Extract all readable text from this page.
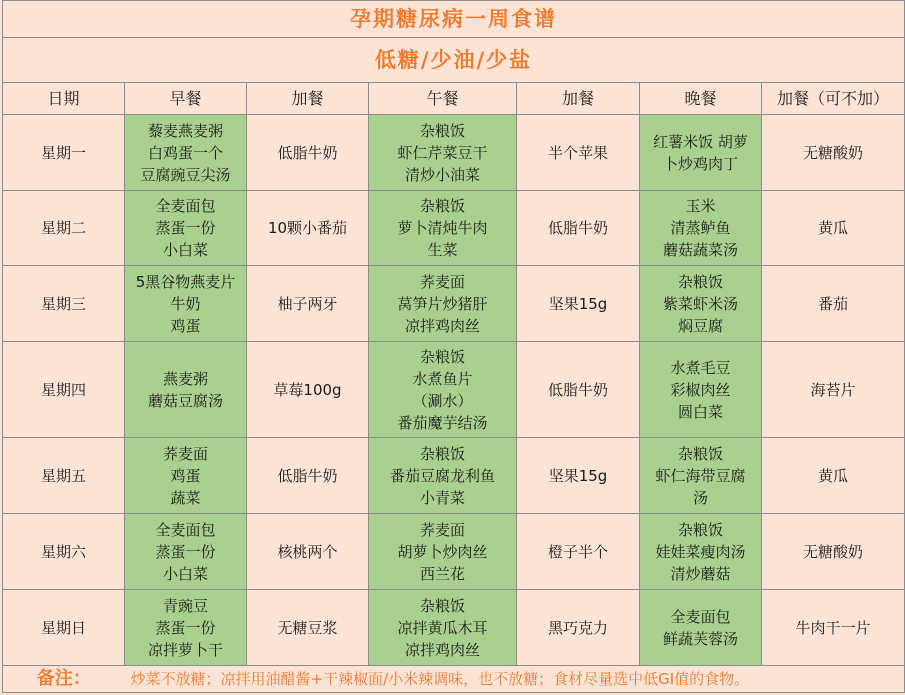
孕期糖尿病一周食谱						
低糖/少油/少盐						
日期	早餐	加餐	午餐	加餐	晚餐	加餐（可不加）
星期一	藜麦燕麦粥
白鸡蛋一个
豆腐豌豆尖汤	低脂牛奶	杂粮饭
虾仁芹菜豆干
清炒小油菜	半个苹果	红薯米饭 胡萝
卜炒鸡肉丁	无糖酸奶

星期二	全麦面包
蒸蛋一份
小白菜	10颗小番茄	杂粮饭
萝卜清炖牛肉
生菜	低脂牛奶	玉米
清蒸鲈鱼
蘑菇蔬菜汤	黄瓜

星期三	5黑谷物燕麦片
牛奶
鸡蛋	柚子两牙	荞麦面
莴笋片炒猪肝
凉拌鸡肉丝	坚果15g	杂粮饭
紫菜虾米汤
焖豆腐	番茄

星期四	燕麦粥
蘑菇豆腐汤	草莓100g	杂粮饭
水煮鱼片
（涮水）
番茄魔芋结汤	低脂牛奶	水煮毛豆
彩椒肉丝
圆白菜	海苔片

星期五	荞麦面
鸡蛋
蔬菜	低脂牛奶	杂粮饭
番茄豆腐龙利鱼
小青菜	坚果15g	杂粮饭
虾仁海带豆腐
汤	黄瓜

星期六	全麦面包
蒸蛋一份
小白菜	核桃两个	荞麦面
胡萝卜炒肉丝
西兰花	橙子半个	杂粮饭
娃娃菜瘦肉汤
清炒蘑菇	无糖酸奶

星期日	青豌豆
蒸蛋一份
凉拌萝卜干	无糖豆浆	杂粮饭
凉拌黄瓜木耳
凉拌鸡肉丝	黑巧克力	全麦面包
鲜蔬芙蓉汤	牛肉干一片

备注：	炒菜不放糖；凉拌用油醋酱+干辣椒面/小米辣调味，也不放糖；食材尽量选中低GI值的食物。					
